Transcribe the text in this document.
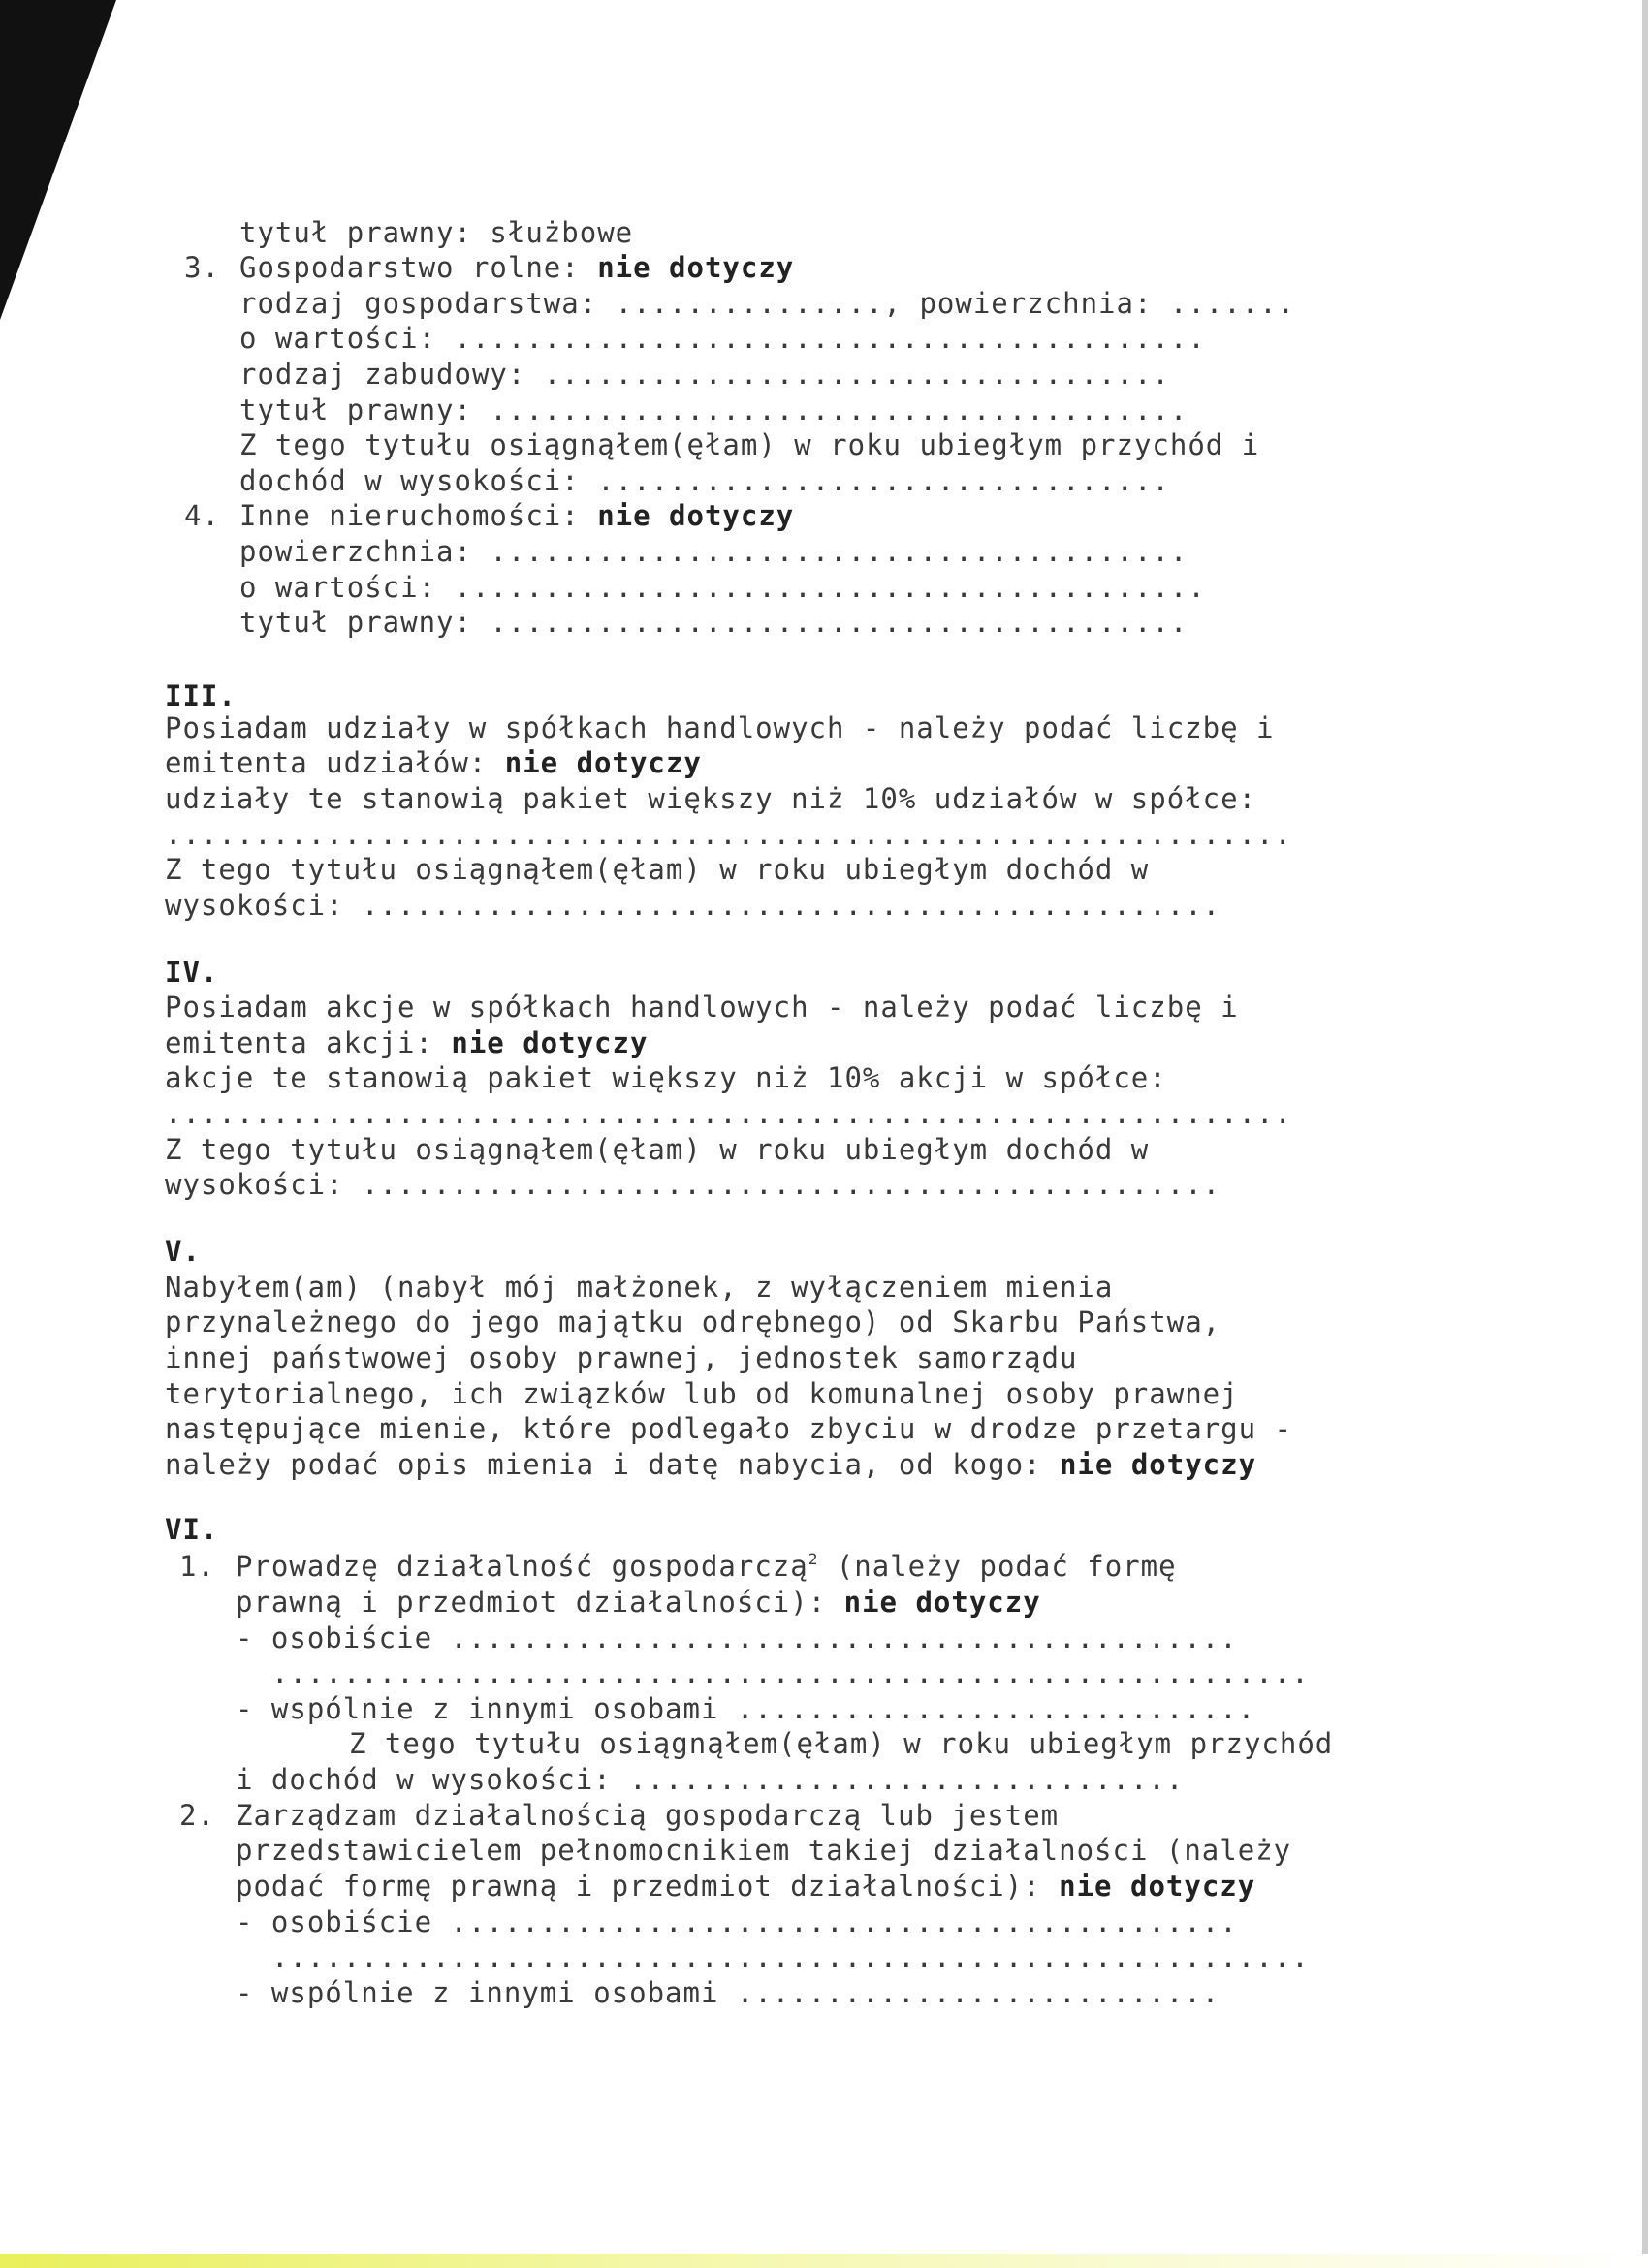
tytuł prawny: służbowe
3. Gospodarstwo rolne: nie dotyczy
rodzaj gospodarstwa: ..............., powierzchnia: .......
o wartości: ..........................................
rodzaj zabudowy: ...................................
tytuł prawny: .......................................
Z tego tytułu osiągnąłem(ęłam) w roku ubiegłym przychód i
dochód w wysokości: ................................
4. Inne nieruchomości: nie dotyczy
powierzchnia: .......................................
o wartości: ..........................................
tytuł prawny: .......................................
III.
Posiadam udziały w spółkach handlowych - należy podać liczbę i
emitenta udziałów: nie dotyczy
udziały te stanowią pakiet większy niż 10% udziałów w spółce:
...............................................................
Z tego tytułu osiągnąłem(ęłam) w roku ubiegłym dochód w
wysokości: ................................................
IV.
Posiadam akcje w spółkach handlowych - należy podać liczbę i
emitenta akcji: nie dotyczy
akcje te stanowią pakiet większy niż 10% akcji w spółce:
...............................................................
Z tego tytułu osiągnąłem(ęłam) w roku ubiegłym dochód w
wysokości: ................................................
V.
Nabyłem(am) (nabył mój małżonek, z wyłączeniem mienia
przynależnego do jego majątku odrębnego) od Skarbu Państwa,
innej państwowej osoby prawnej, jednostek samorządu
terytorialnego, ich związków lub od komunalnej osoby prawnej
następujące mienie, które podlegało zbyciu w drodze przetargu -
należy podać opis mienia i datę nabycia, od kogo: nie dotyczy
VI.
1. Prowadzę działalność gospodarczą$^2$ (należy podać formę
prawną i przedmiot działalności): nie dotyczy
- osobiście ............................................
..........................................................
- wspólnie z innymi osobami .............................
Z tego tytułu osiągnąłem(ęłam) w roku ubiegłym przychód
i dochód w wysokości: ...............................
2. Zarządzam działalnością gospodarczą lub jestem
przedstawicielem pełnomocnikiem takiej działalności (należy
podać formę prawną i przedmiot działalności): nie dotyczy
- osobiście ............................................
..........................................................
- wspólnie z innymi osobami ...........................
